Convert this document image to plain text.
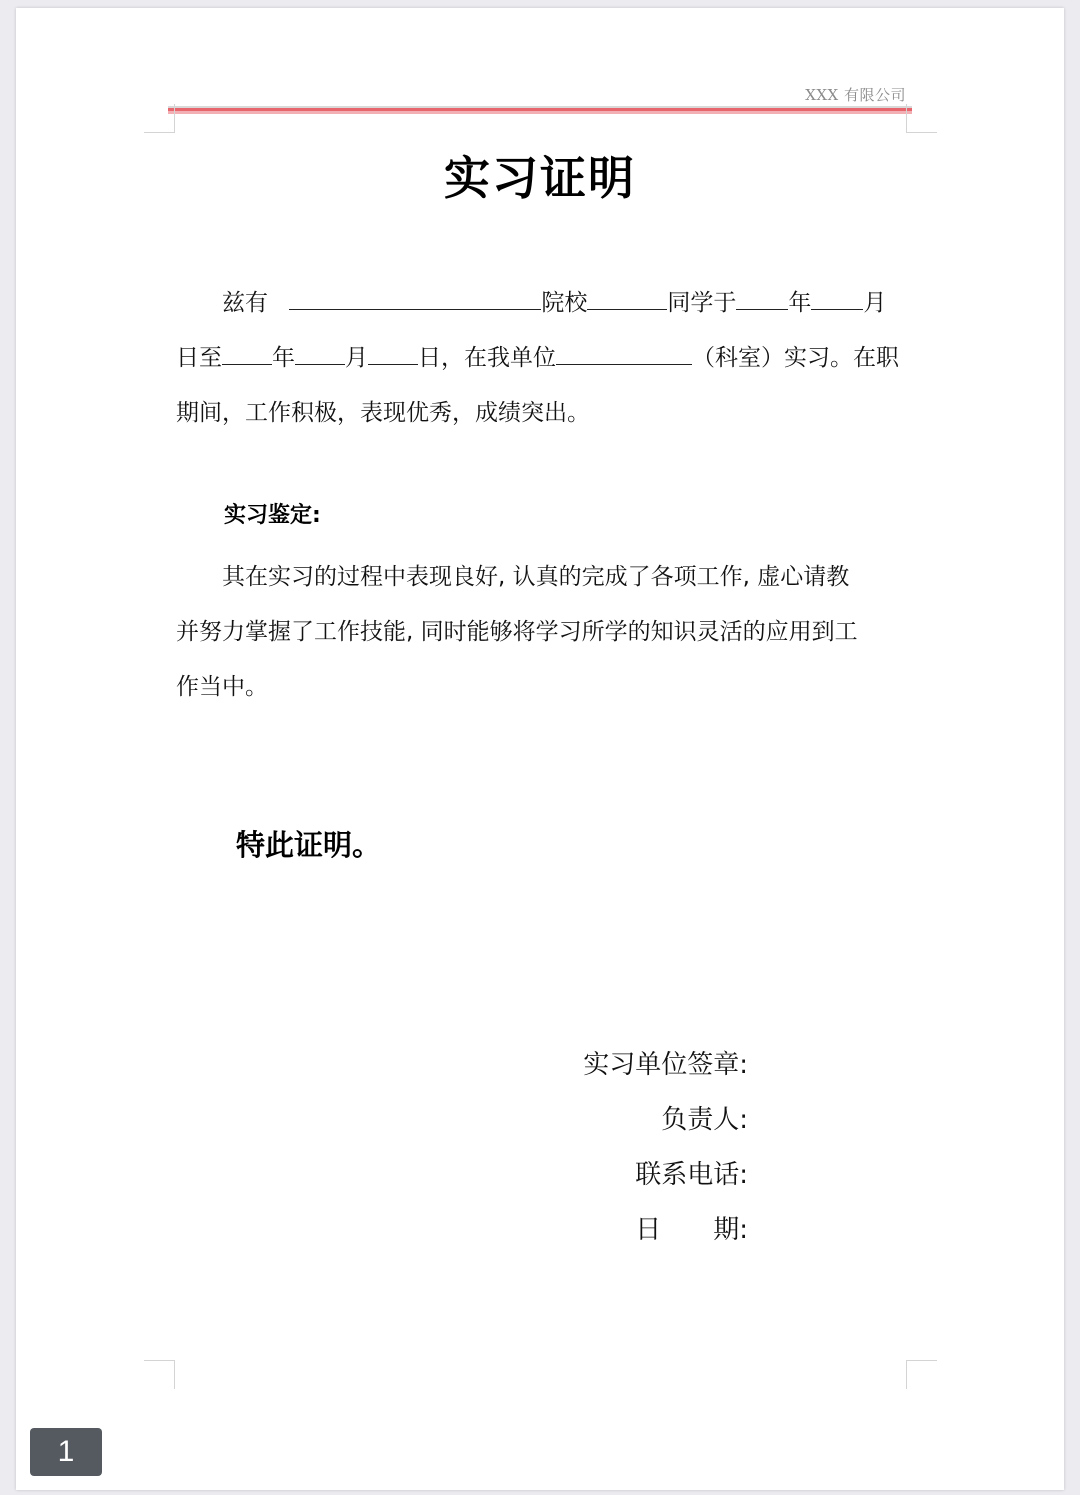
XXX 有限公司
实习证明
兹有	院校	同学于 年 月
日至 年 月 日，在我单位	（科室）实习。在职
期间，工作积极，表现优秀，成绩突出。
实习鉴定:
其在实习的过程中表现良好, 认真的完成了各项工作, 虚心请教
并努力掌握了工作技能, 同时能够将学习所学的知识灵活的应用到工
作当中。
特此证明。
实习单位签章:
负责人:
联系电话:
日　　期:
1
